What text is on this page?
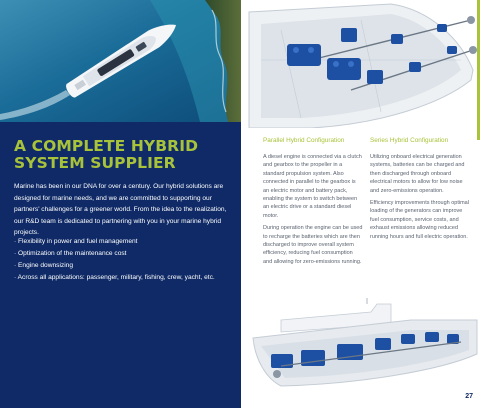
A COMPLETE HYBRID SYSTEM SUPPLIER

Marine has been in our DNA for over a century. Our hybrid solutions are designed for marine needs, and we are committed to supporting our partners' challenges for a greener world. From the idea to the realization, our R&D team is dedicated to partnering with you in your marine hybrid projects.

· Flexibility in power and fuel management
· Optimization of the maintenance cost
· Engine downsizing
· Across all applications: passenger, military, fishing, crew, yacht, etc.
Parallel Hybrid Configuration

A diesel engine is connected via a clutch and gearbox to the propeller in a standard propulsion system. Also connected in parallel to the gearbox is an electric motor and battery pack, enabling the system to switch between an electric drive or a standard diesel motor.

During operation the engine can be used to recharge the batteries which are then discharged to improve overall system efficiency, reducing fuel consumption and allowing for zero-emissions running.

Series Hybrid Configuration

Utilizing onboard electrical generation systems, batteries can be charged and then discharged through onboard electrical motors to allow for low noise and zero-emissions operation.

Efficiency improvements through optimal loading of the generators can improve fuel consumption, service costs, and exhaust emissions allowing reduced running hours and full electric operation.

27
